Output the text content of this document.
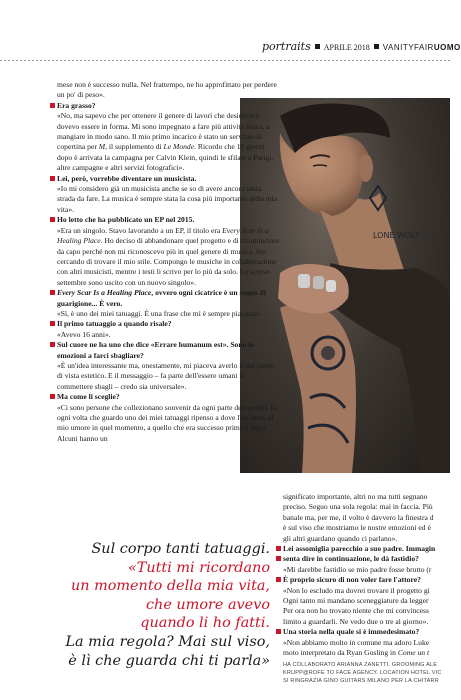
portraits APRILE 2018 VANITYFAIRUOMO
LONE WOLF

mese non è successo nulla. Nel frattempo, ne ho approfittato per perdere un po' di peso».

Era grasso?

«No, ma sapevo che per ottenere il genere di lavori che desideravo dovevo essere in forma. Mi sono impegnato a fare più attività fisica, a mangiare in modo sano. Il mio primo incarico è stato un servizio di copertina per M, il supplemento di Le Monde. Ricordo che 10 giorni dopo è arrivata la campagna per Calvin Klein, quindi le sfilate a Parigi, altre campagne e altri servizi fotografici».

Lei, però, vorrebbe diventare un musicista.

«Io mi considero già un musicista anche se so di avere ancora tanta strada da fare. La musica è sempre stata la cosa più importante della mia vita».

Ho letto che ha pubblicato un EP nel 2015.

«Era un singolo. Stavo lavorando a un EP, il titolo era Every Scar Is a Healing Place. Ho deciso di abbandonare quel progetto e di ricominciare da capo perché non mi riconoscevo più in quel genere di musica. Sto cercando di trovare il mio stile. Compongo le musiche in collaborazione con altri musicisti, mentre i testi li scrivo per lo più da solo. Lo scorso settembre sono uscito con un nuovo singolo».

Every Scar Is a Healing Place, ovvero ogni cicatrice è un segno di guarigione... È vero.

«Sì, è uno dei miei tatuaggi. È una frase che mi è sempre piaciuta».

Il primo tatuaggio a quando risale?

«Avevo 16 anni».

Sul cuore ne ha uno che dice «Errare humanum est». Sono le emozioni a farci sbagliare?

«È un'idea interessante ma, onestamente, mi piaceva averlo lì dal punto di vista estetico. E il messaggio – fa parte dell'essere umani il commettere sbagli – credo sia universale».

Ma come li sceglie?

«Ci sono persone che collezionano souvenir da ogni parte del mondo. Io, ogni volta che guardo uno dei miei tatuaggi ripenso a dove l'ho fatto, al mio umore in quel momento, a quello che era successo prima e dopo. Alcuni hanno un

significato importante, altri no ma tutti segnano

preciso. Seguo una sola regola: mai in faccia. Più

banale ma, per me, il volto è davvero la finestra d

è sul viso che mostriamo le nostre emozioni ed è

gli altri guardano quando ci parlano».

Lei assomiglia parecchio a suo padre. Immagin

senta dire in continuazione, le dà fastidio?

«Mi darebbe fastidio se mio padre fosse brutto (r

È proprio sicuro di non voler fare l'attore?

«Non lo escludo ma dovrei trovare il progetto gi

Ogni tanto mi mandano sceneggiature da legger

Per ora non ho trovato niente che mi convincess

limito a guardarli. Ne vedo due o tre al giorno».

Una storia nella quale si è immedesimato?

«Non abbiamo molto in comune ma adoro Luke

moto interpretato da Ryan Gosling in Come un t

Sul corpo tanti tatuaggi.
«Tutti mi ricordano
un momento della mia vita,
che umore avevo
quando li ho fatti.
La mia regola? Mai sul viso,
è lì che guarda chi ti parla» HA COLLABORATO ARIANNA ZANETTI. GROOMING ALE
KRUPP@ROFE TO FACE AGENCY. LOCATION HOTEL VIC
SI RINGRAZIA GINO GUITARS MILANO PER LA CHITARR
